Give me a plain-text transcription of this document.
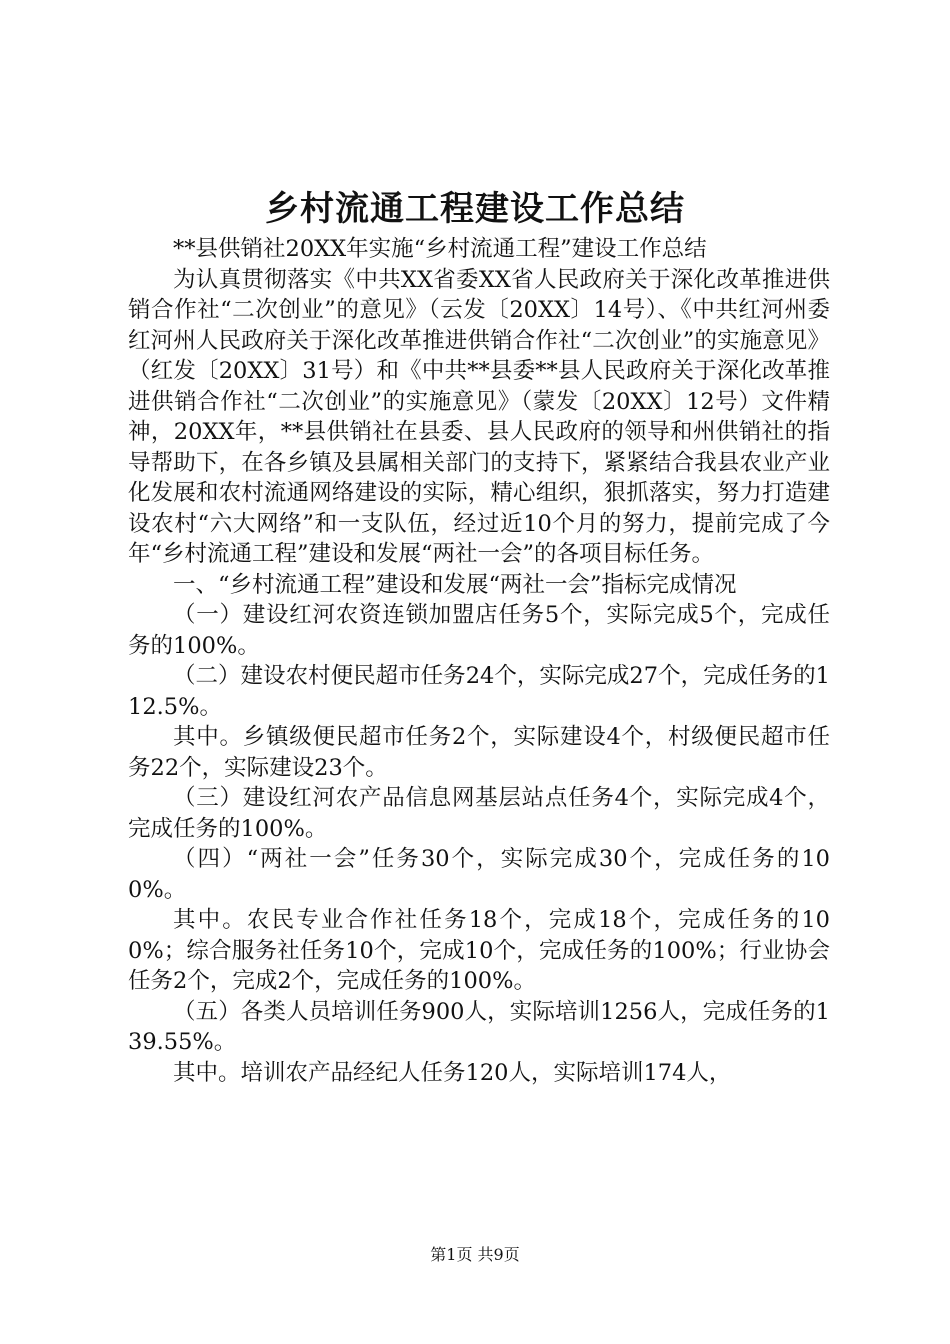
乡村流通工程建设工作总结

**县供销社20XX年实施“乡村流通工程”建设工作总结

为认真贯彻落实《中共XX省委XX省人民政府关于深化改革推进供销合作社“二次创业”的意见》（云发〔20XX〕14号）、《中共红河州委红河州人民政府关于深化改革推进供销合作社“二次创业”的实施意见》（红发〔20XX〕31号）和《中共**县委**县人民政府关于深化改革推进供销合作社“二次创业”的实施意见》（蒙发〔20XX〕12号）文件精神，20XX年，**县供销社在县委、县人民政府的领导和州供销社的指导帮助下，在各乡镇及县属相关部门的支持下，紧紧结合我县农业产业化发展和农村流通网络建设的实际，精心组织，狠抓落实，努力打造建设农村“六大网络”和一支队伍，经过近10个月的努力，提前完成了今年“乡村流通工程”建设和发展“两社一会”的各项目标任务。

一、“乡村流通工程”建设和发展“两社一会”指标完成情况

（一）建设红河农资连锁加盟店任务5个，实际完成5个，完成任务的100%。

（二）建设农村便民超市任务24个，实际完成27个，完成任务的112.5%。

其中。乡镇级便民超市任务2个，实际建设4个，村级便民超市任务22个，实际建设23个。

（三）建设红河农产品信息网基层站点任务4个，实际完成4个，完成任务的100%。

（四）“两社一会”任务30个，实际完成30个，完成任务的100%。

其中。农民专业合作社任务18个，完成18个，完成任务的100%；综合服务社任务10个，完成10个，完成任务的100%；行业协会任务2个，完成2个，完成任务的100%。

（五）各类人员培训任务900人，实际培训1256人，完成任务的139.55%。

其中。培训农产品经纪人任务120人，实际培训174人，

第1页 共9页
